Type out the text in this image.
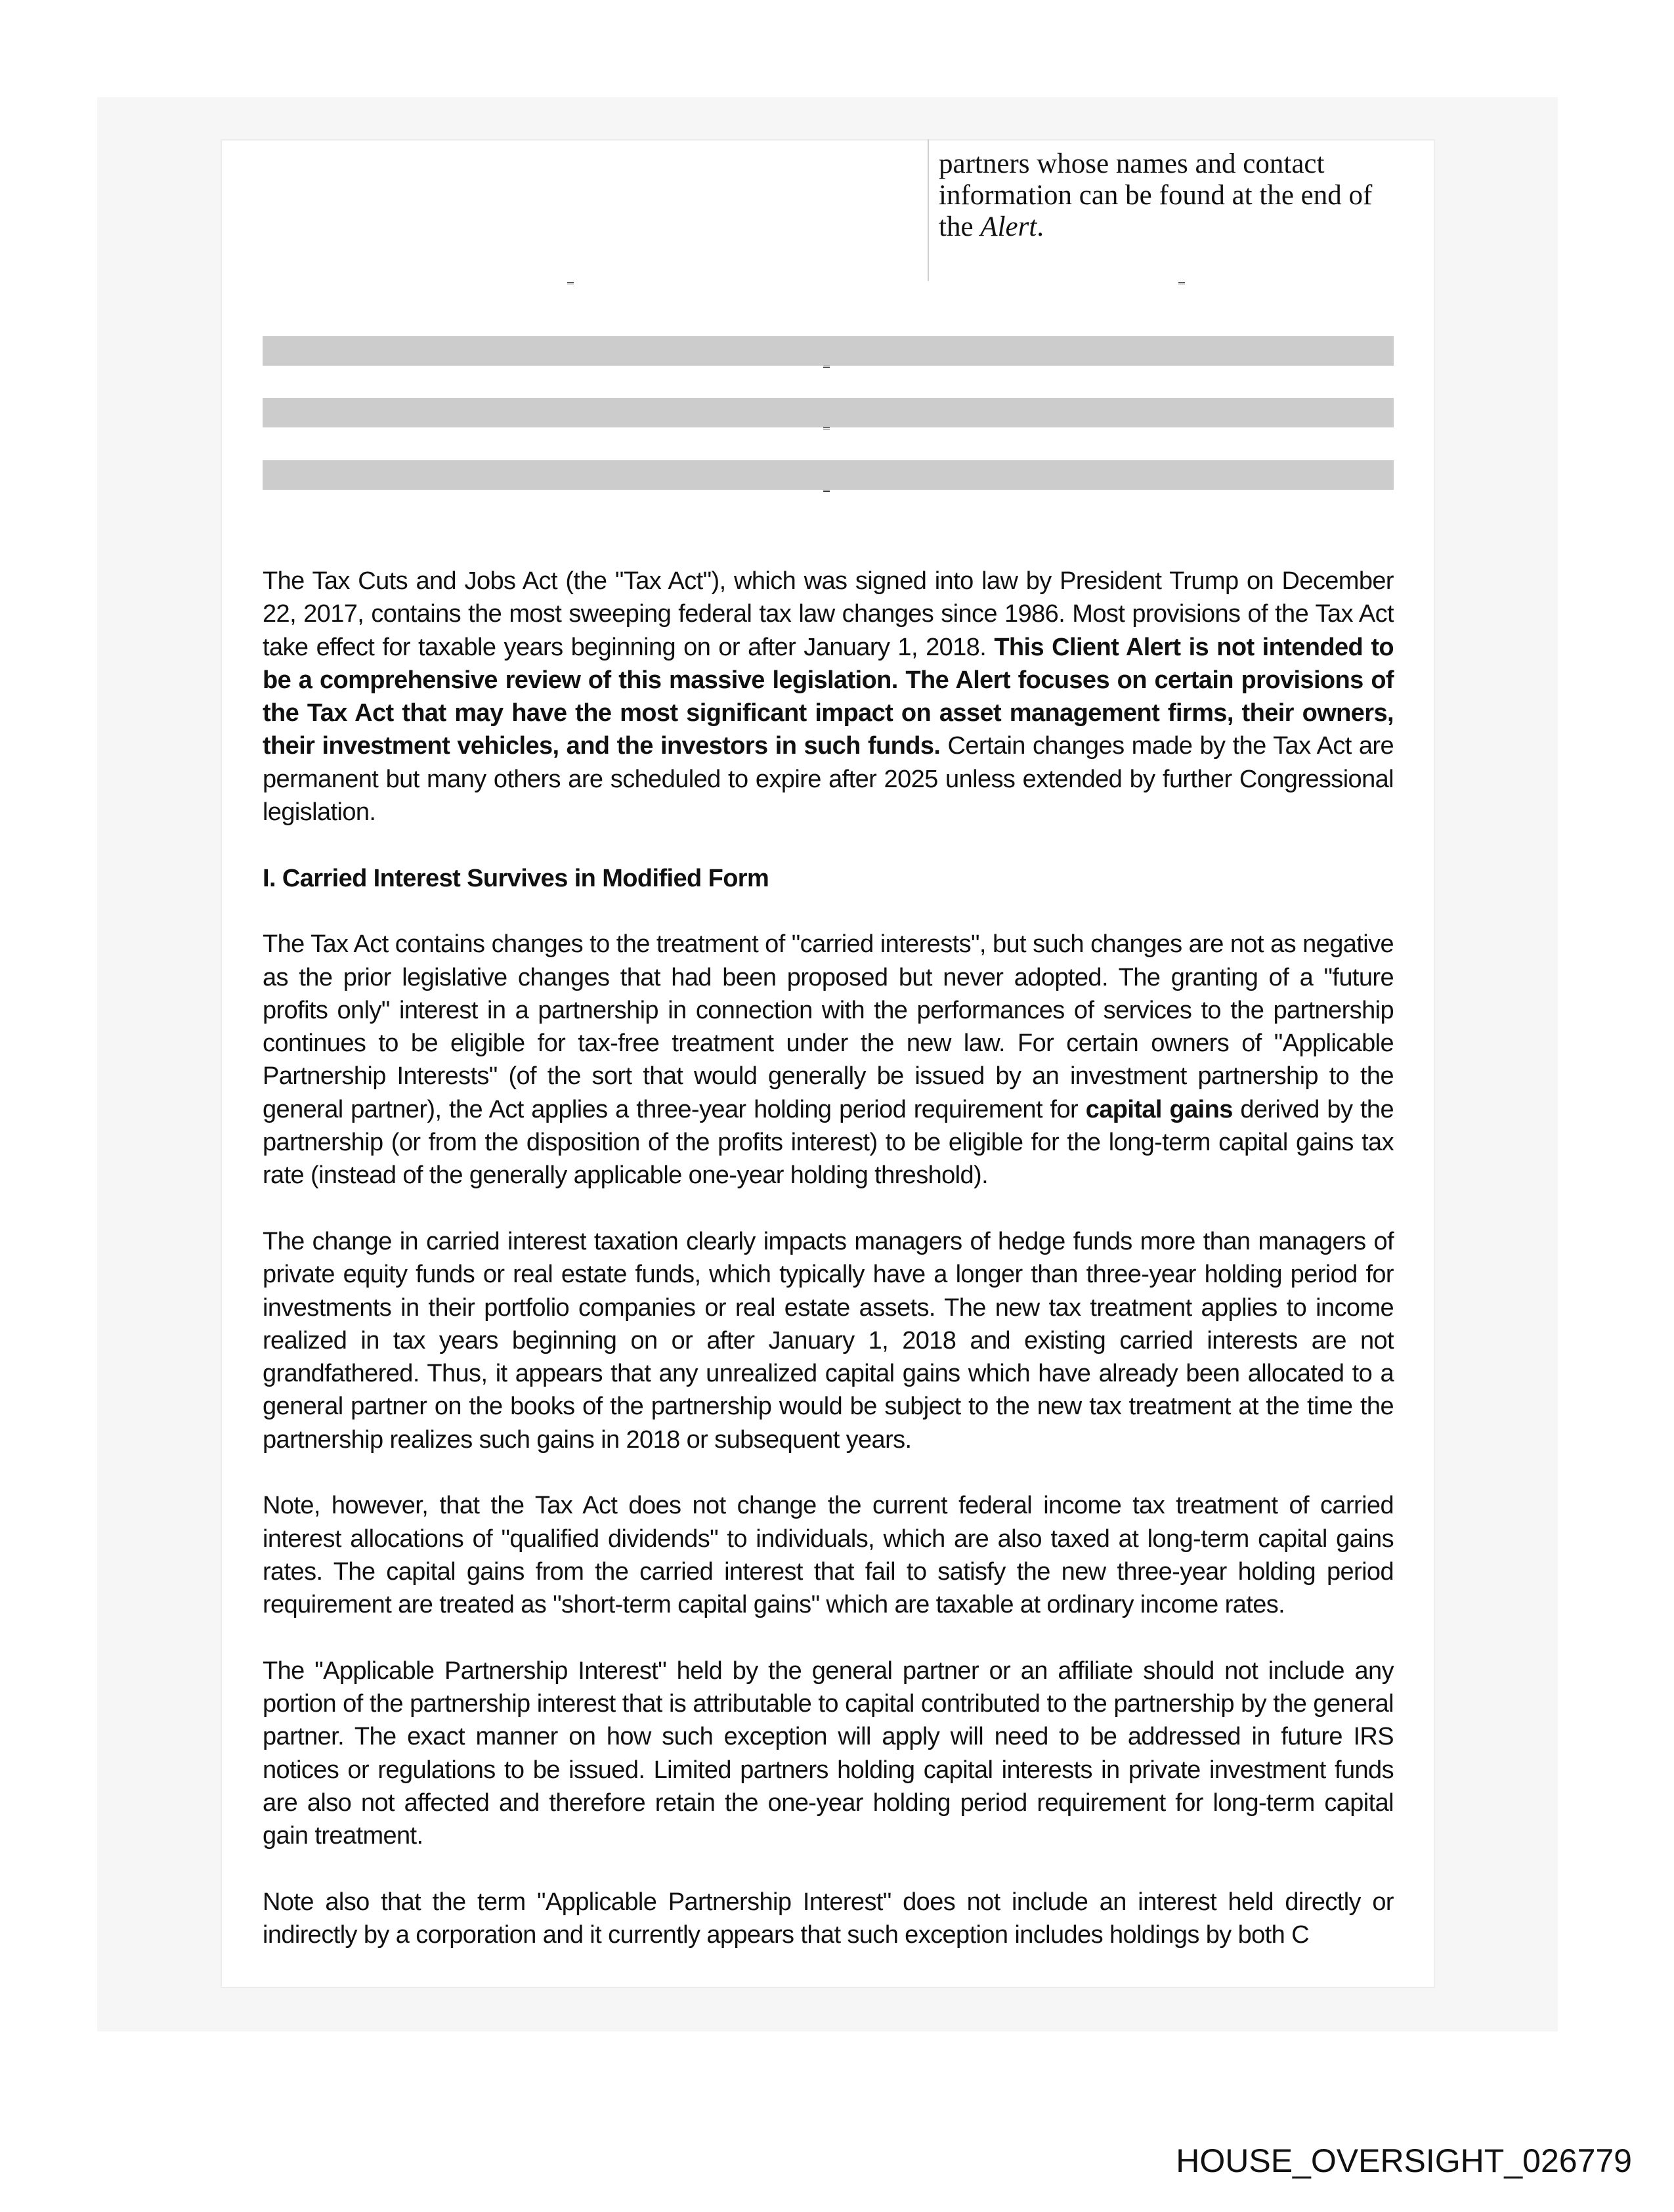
partners whose names and contact information can be found at the end of the Alert.

The Tax Cuts and Jobs Act (the "Tax Act"), which was signed into law by President Trump on December 22, 2017, contains the most sweeping federal tax law changes since 1986. Most provisions of the Tax Act take effect for taxable years beginning on or after January 1, 2018. This Client Alert is not intended to be a comprehensive review of this massive legislation. The Alert focuses on certain provisions of the Tax Act that may have the most significant impact on asset management firms, their owners, their investment vehicles, and the investors in such funds. Certain changes made by the Tax Act are permanent but many others are scheduled to expire after 2025 unless extended by further Congressional legislation.

I. Carried Interest Survives in Modified Form

The Tax Act contains changes to the treatment of "carried interests", but such changes are not as negative as the prior legislative changes that had been proposed but never adopted. The granting of a "future profits only" interest in a partnership in connection with the performances of services to the partnership continues to be eligible for tax-free treatment under the new law. For certain owners of "Applicable Partnership Interests" (of the sort that would generally be issued by an investment partnership to the general partner), the Act applies a three-year holding period requirement for capital gains derived by the partnership (or from the disposition of the profits interest) to be eligible for the long-term capital gains tax rate (instead of the generally applicable one-year holding threshold).

The change in carried interest taxation clearly impacts managers of hedge funds more than managers of private equity funds or real estate funds, which typically have a longer than three-year holding period for investments in their portfolio companies or real estate assets. The new tax treatment applies to income realized in tax years beginning on or after January 1, 2018 and existing carried interests are not grandfathered. Thus, it appears that any unrealized capital gains which have already been allocated to a general partner on the books of the partnership would be subject to the new tax treatment at the time the partnership realizes such gains in 2018 or subsequent years.

Note, however, that the Tax Act does not change the current federal income tax treatment of carried interest allocations of "qualified dividends" to individuals, which are also taxed at long-term capital gains rates. The capital gains from the carried interest that fail to satisfy the new three-year holding period requirement are treated as "short-term capital gains" which are taxable at ordinary income rates.

The "Applicable Partnership Interest" held by the general partner or an affiliate should not include any portion of the partnership interest that is attributable to capital contributed to the partnership by the general partner. The exact manner on how such exception will apply will need to be addressed in future IRS notices or regulations to be issued. Limited partners holding capital interests in private investment funds are also not affected and therefore retain the one-year holding period requirement for long-term capital gain treatment.

Note also that the term "Applicable Partnership Interest" does not include an interest held directly or indirectly by a corporation and it currently appears that such exception includes holdings by both C

HOUSE_OVERSIGHT_026779
